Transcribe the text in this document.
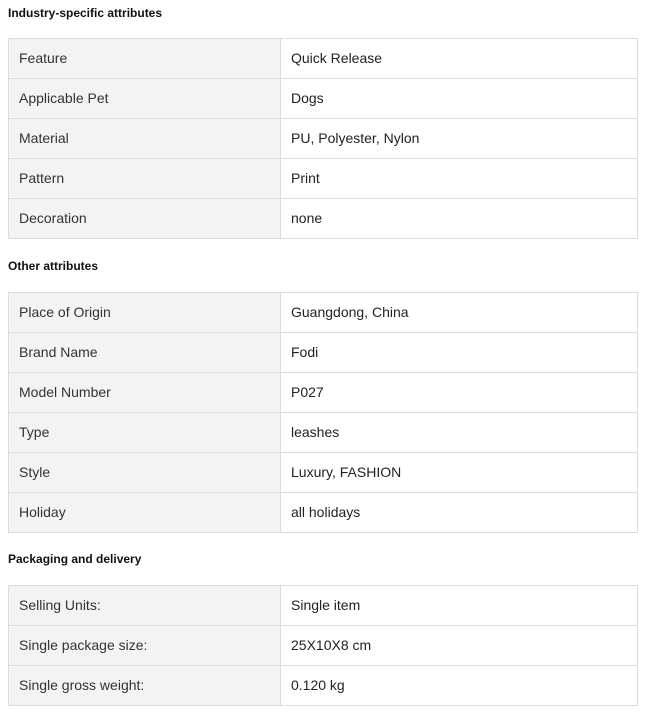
Industry-specific attributes
Feature	Quick Release
Applicable Pet	Dogs
Material	PU, Polyester, Nylon
Pattern	Print
Decoration	none
Other attributes
Place of Origin	Guangdong, China
Brand Name	Fodi
Model Number	P027
Type	leashes
Style	Luxury, FASHION
Holiday	all holidays
Packaging and delivery
Selling Units:	Single item
Single package size:	25X10X8 cm
Single gross weight:	0.120 kg
